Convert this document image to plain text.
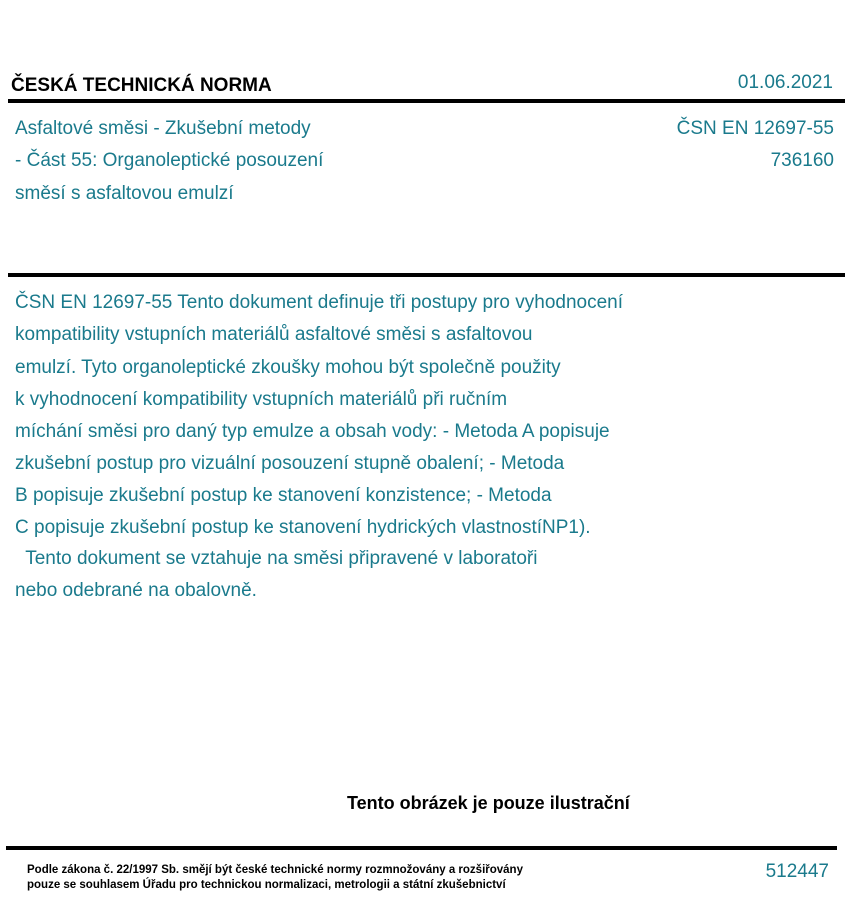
ČESKÁ TECHNICKÁ NORMA	01.06.2021
Asfaltové směsi - Zkušební metody
- Část 55: Organoleptické posouzení
směsí s asfaltovou emulzí
ČSN EN 12697-55
736160
ČSN EN 12697-55 Tento dokument definuje tři postupy pro vyhodnocení
kompatibility vstupních materiálů asfaltové směsi s asfaltovou
emulzí. Tyto organoleptické zkoušky mohou být společně použity
k vyhodnocení kompatibility vstupních materiálů při ručním
míchání směsi pro daný typ emulze a obsah vody: - Metoda A popisuje
zkušební postup pro vizuální posouzení stupně obalení; - Metoda
B popisuje zkušební postup ke stanovení konzistence; - Metoda
C popisuje zkušební postup ke stanovení hydrických vlastnostíNP1).
Tento dokument se vztahuje na směsi připravené v laboratoři
nebo odebrané na obalovně.
Tento obrázek je pouze ilustrační
Podle zákona č. 22/1997 Sb. smějí být české technické normy rozmnožovány a rozšiřovány
pouze se souhlasem Úřadu pro technickou normalizaci, metrologii a státní zkušebnictví
512447
